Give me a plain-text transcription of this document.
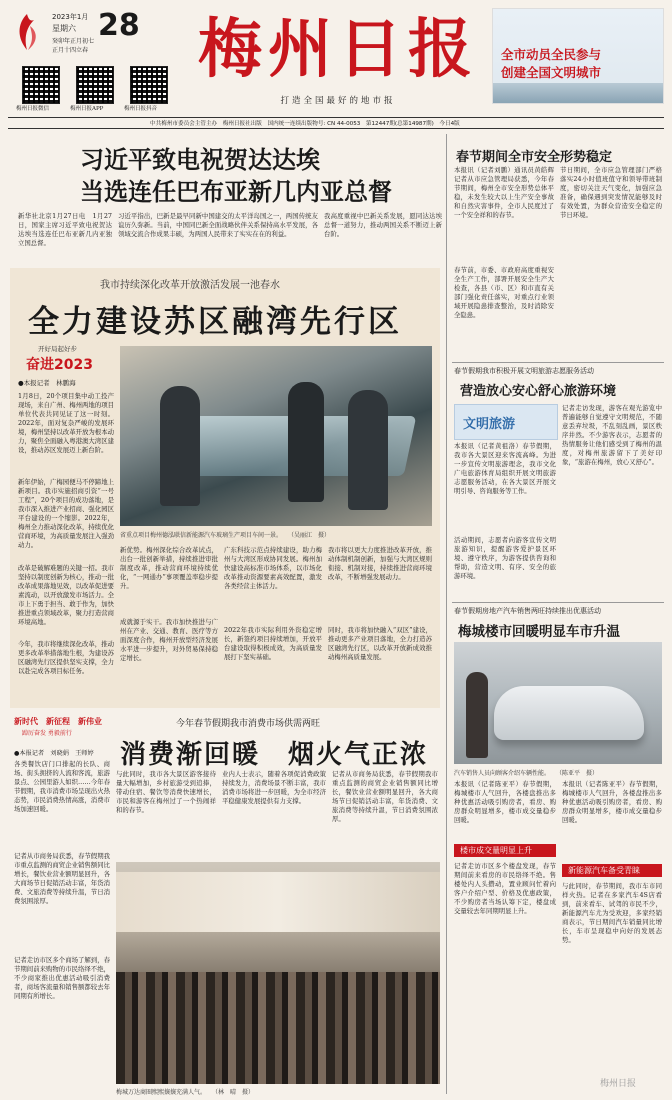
2023年1月
星期六 28
癸卯年正月初七
正月十四立春
梅州日报微信	梅州日报APP	梅州日报抖音
梅州日报
打造全国最好的地市报
全市动员全民参与
创建全国文明城市
中共梅州市委员会主管主办　梅州日报社出版　国内统一连续出版物号: CN 44-0053　第12447期(总第14987期)　今日4版
习近平致电祝贺达达埃
当选连任巴布亚新几内亚总督
新华社北京1月27日电　1月27日，国家主席习近平致电祝贺达达埃当选连任巴布亚新几内亚独立国总督。
习近平指出，巴新是最早同新中国建交的太平洋岛国之一，两国传统友谊历久弥新。当前，中国同巴新全面战略伙伴关系保持高水平发展，各领域交流合作成果丰硕，为两国人民带来了实实在在的利益。
我高度重视中巴新关系发展，愿同达达埃总督一道努力，推动两国关系不断迈上新台阶。
我市持续深化改革开放激活发展一池春水
全力建设苏区融湾先行区
开好局起好步
奋进2023
●本报记者　林鹏海
1月8日，20个项目集中动工投产现场，来自广州、梅州两地的项目单位代表共同见证了这一时刻。2022年，面对复杂严峻的发展环境，梅州坚持以改革开放为根本动力，聚焦全面融入粤港澳大湾区建设，推动苏区发展迈上新台阶。
新年伊始，广梅园便马不停蹄地上新项目。我市实施招商引资“一号工程”，20个项目的成功落地，是我市深入推进产业招商、强化园区平台建设的一个缩影。2022年，梅州全力推动深化改革，持续优化营商环境，为高质量发展注入强劲动力。
改革是破解难题的关键一招。我市坚持以制度创新为核心，推动一批改革成果落地见效，以改革促进要素流动，以开放激发市场活力。全市上下勇于担当、敢于作为，加快推进重点领域改革，聚力打造营商环境高地。
今年，我市将继续深化改革，推动更多改革举措落地生根，为建设苏区融湾先行区提供坚实支撑，全力以赴完成各项目标任务。
省重点项目梅州德泓联信新能源汽车玻璃生产项目车间一景。　　（吴丽江　摄）
新优势。梅州深化综合改革试点，出台一批创新举措，持续推进审批制度改革，推动营商环境持续优化，“一网通办”事项覆盖率稳步提升。
成就源于实干。我市加快推进与广州在产业、交通、教育、医疗等方面深度合作，梅州开放型经济发展水平进一步提升，对外贸易保持稳定增长。
广东科技示范点持续建设，助力梅州与大湾区形成协同发展。梅州加快建设高标准市场体系，以市场化改革推动资源要素高效配置，激发各类经营主体活力。
2022年我市实际利用外资稳定增长，新签约项目持续增加，开放平台建设取得积极成效，为高质量发展打下坚实基础。
我市将以更大力度推进改革开放，推动体制机制创新，加强与大湾区规则衔接、机制对接，持续推进营商环境改革，不断增强发展动力。
同时，我市将加快融入“双区”建设，推动更多产业项目落地，全力打造苏区融湾先行区，以改革开放新成效推动梅州高质量发展。
新时代 新征程 新伟业
踔厉奋发 勇毅前行
今年春节假期我市消费市场供需两旺
消费渐回暖　烟火气正浓
●本报记者　刘晓娟　王师婷
各类餐饮店门口排起的长队、商场、街头拥挤的人流和客流，旅游景点、公园里游人如织……今年春节假期，我市消费市场呈现出火热态势，市民消费热情高涨，消费市场加速回暖。
记者从市商务局获悉，春节假期我市重点监测的商贸企业销售额同比增长，餐饮业营业额明显回升，各大商场节日促销活动丰富，年货消费、文旅消费等持续升温，节日消费氛围浓厚。
记者走访市区多个商场了解到，春节期间前来购物的市民络绎不绝，不少商家推出优惠活动吸引消费者，商场客流量和销售额都较去年同期有所增长。
与此同时，我市各大景区游客接待量大幅增加，乡村旅游受到追捧，带动住宿、餐饮等消费快速增长，市民和游客在梅州过了一个热闹祥和的春节。
业内人士表示，随着各项促消费政策持续发力，消费场景不断丰富，我市消费市场将进一步回暖，为全市经济平稳健康发展提供有力支撑。
记者从市商务局获悉，春节假期我市重点监测的商贸企业销售额同比增长，餐饮业营业额明显回升，各大商场节日促销活动丰富，年货消费、文旅消费等持续升温，节日消费氛围浓厚。
梅城万达商圈熙熙攘攘充满人气。　　（林　晴　摄）
春节期间全市安全形势稳定
本报讯（记者刘鹏）通讯员黄皓辉 记者从市应急管理局获悉，今年春节期间，梅州全市安全形势总体平稳，未发生较大以上生产安全事故和自然灾害事件，全市人民度过了一个安全祥和的春节。
春节前，市委、市政府高度重视安全生产工作，部署开展安全生产大检查，各县（市、区）和市直有关部门强化责任落实，对重点行业领域开展隐患排查整治，及时消除安全隐患。
节日期间，全市应急管理部门严格落实24小时值班值守和领导带班制度，密切关注天气变化，加强应急准备，确保遇到突发情况能够及时有效处置，为群众营造安全稳定的节日环境。
春节假期我市积极开展文明旅游志愿服务活动
营造放心安心舒心旅游环境
文明旅游
本报讯（记者黄祖洛）春节假期，我市各大景区迎来客流高峰。为进一步宣传文明旅游理念，我市文化广电旅游体育局组织开展文明旅游志愿服务活动，在各大景区开展文明引导、咨询服务等工作。
活动期间，志愿者向游客宣传文明旅游知识，提醒游客爱护景区环境、遵守秩序，为游客提供咨询和帮助，营造文明、有序、安全的旅游环境。
记者走访发现，游客在观光游览中普遍能够自觉遵守文明规范，不随意丢弃垃圾，不乱刻乱画，景区秩序井然。不少游客表示，志愿者的热情服务让他们感受到了梅州的温度，对梅州旅游留下了美好印象，“旅游在梅州，放心又舒心”。
春节假期房地产汽车销售两旺持续推出优惠活动
梅城楼市回暖明显车市升温
汽车销售人员向顾客介绍车辆性能。　　（陈亚平　摄）
本报讯（记者陈亚平）春节假期，梅城楼市人气回升，各楼盘推出多种优惠活动吸引购房者，看房、购房群众明显增多，楼市成交量稳步回暖。
楼市成交量明显上升
记者走访市区多个楼盘发现，春节期间前来看房的市民络绎不绝。售楼处内人头攒动，置业顾问忙着向客户介绍户型、价格及优惠政策，不少购房者当场认筹下定，楼盘成交量较去年同期明显上升。
本报讯（记者陈亚平）春节假期，梅城楼市人气回升，各楼盘推出多种优惠活动吸引购房者，看房、购房群众明显增多，楼市成交量稳步回暖。
新能源汽车备受青睐
与此同时，春节期间，我市车市同样火热。记者在多家汽车4S店看到，前来看车、试驾的市民不少，新能源汽车尤为受欢迎，多家经销商表示，节日期间汽车销量同比增长，车市呈现稳中向好的发展态势。
梅州日报
